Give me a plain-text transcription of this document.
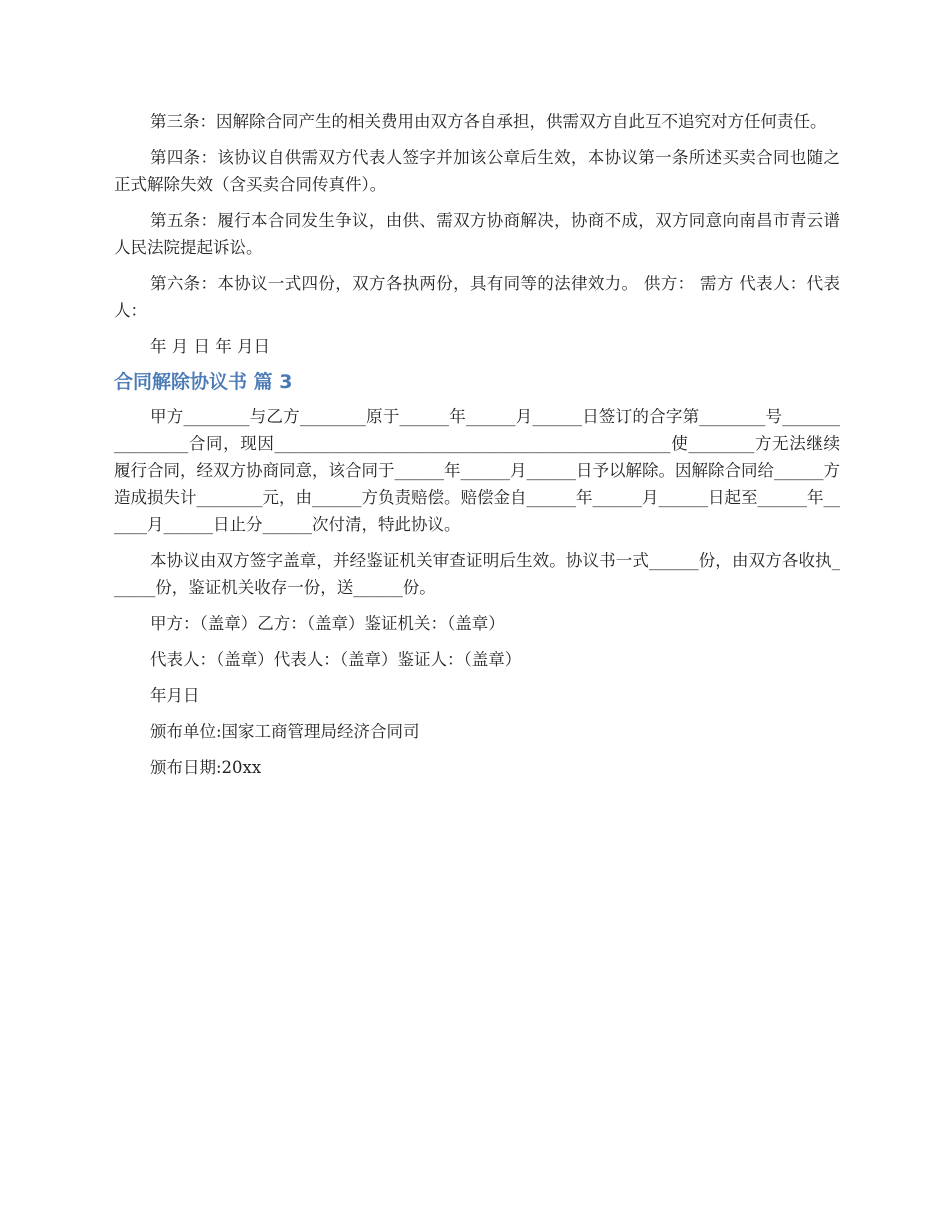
第三条：因解除合同产生的相关费用由双方各自承担，供需双方自此互不追究对方任何责任。

第四条：该协议自供需双方代表人签字并加该公章后生效，本协议第一条所述买卖合同也随之正式解除失效（含买卖合同传真件）。

第五条：履行本合同发生争议，由供、需双方协商解决，协商不成，双方同意向南昌市青云谱人民法院提起诉讼。

第六条：本协议一式四份，双方各执两份，具有同等的法律效力。 供方： 需方 代表人：代表人：

年 月 日 年 月日

合同解除协议书 篇 3

甲方________与乙方________原于______年______月______日签订的合字第________号________________合同，现因________________________________________________使________方无法继续履行合同，经双方协商同意，该合同于______年______月______日予以解除。因解除合同给______方造成损失计________元，由______方负责赔偿。赔偿金自______年______月______日起至______年______月______日止分______次付清，特此协议。

本协议由双方签字盖章，并经鉴证机关审查证明后生效。协议书一式______份，由双方各收执______份，鉴证机关收存一份，送______份。

甲方：（盖章）乙方：（盖章）鉴证机关：（盖章）

代表人：（盖章）代表人：（盖章）鉴证人：（盖章）

年月日

颁布单位:国家工商管理局经济合同司

颁布日期:20xx
